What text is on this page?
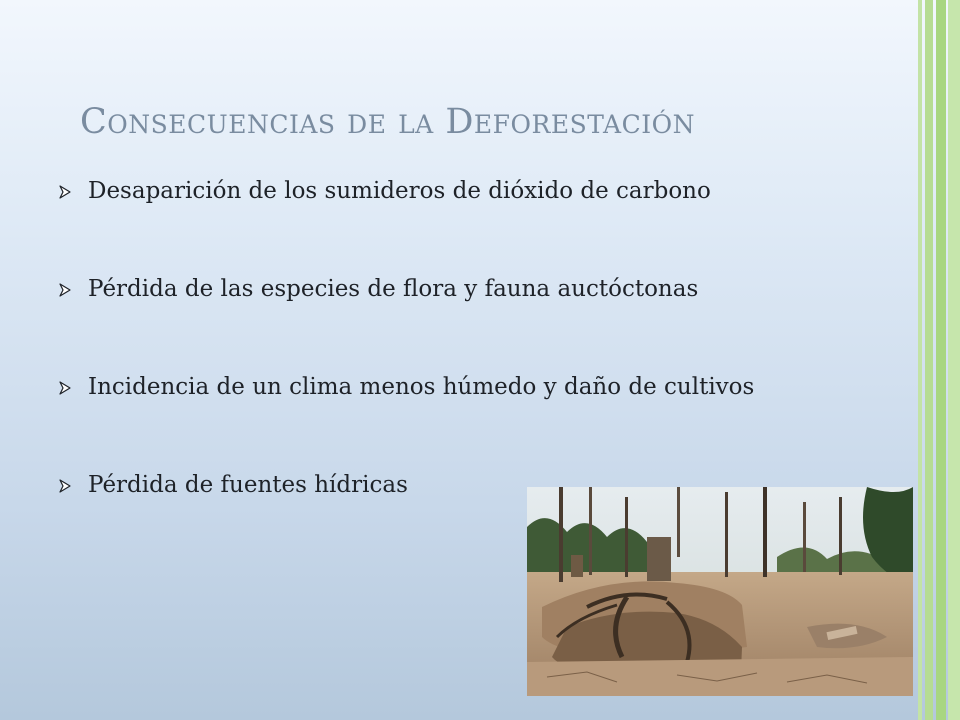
Consecuencias de la Deforestación
Desaparición de los sumideros de dióxido de carbono
Pérdida de las especies de flora y fauna auctóctonas
Incidencia de un clima menos húmedo y daño de cultivos
Pérdida de fuentes hídricas
